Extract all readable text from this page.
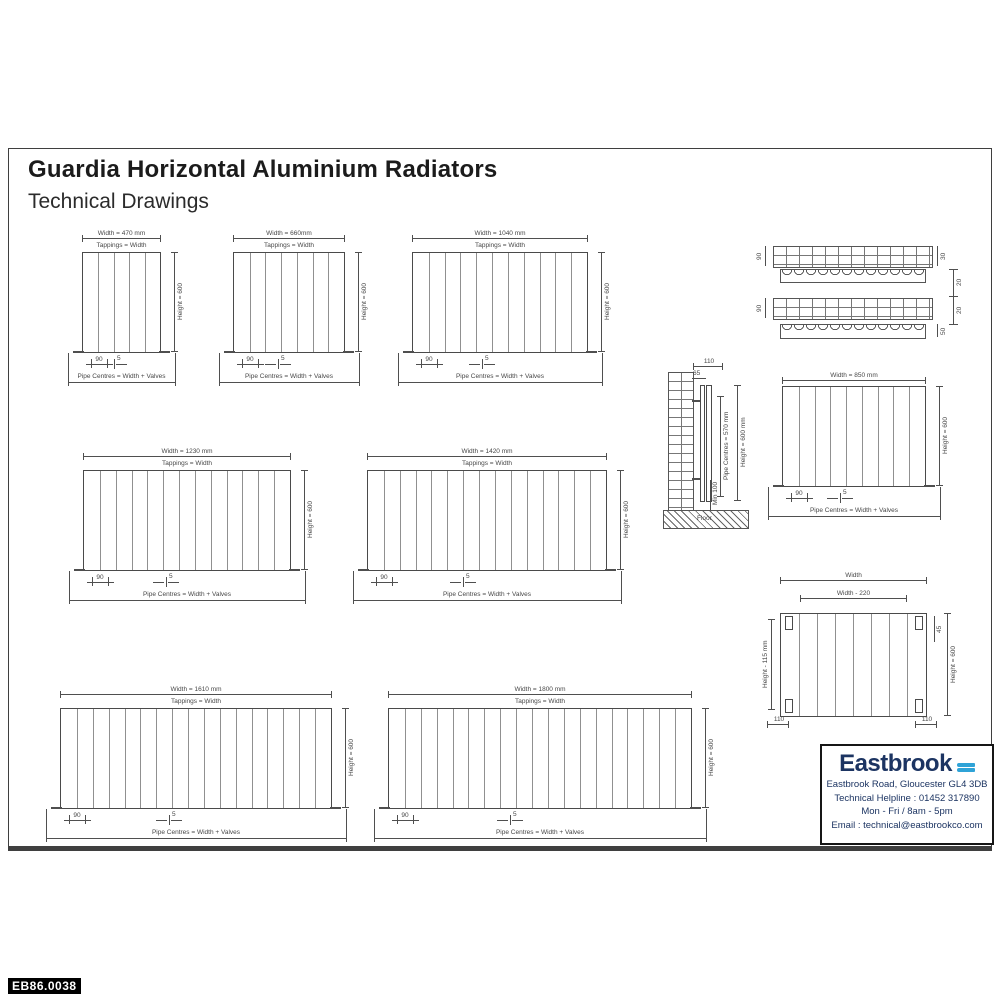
Guardia Horizontal Aluminium Radiators
Technical Drawings
Width = 470 mm
Tappings = Width
Height = 600
90	5
Pipe Centres = Width + Valves
Width = 660mm
Tappings = Width
Height = 600
90	5
Pipe Centres = Width + Valves
Width = 1040 mm
Tappings = Width
Height = 600
90	5
Pipe Centres = Width + Valves
Width = 1230 mm
Tappings = Width
Height = 600
90	5
Pipe Centres = Width + Valves
Width = 1420 mm
Tappings = Width
Height = 600
90	5
Pipe Centres = Width + Valves
Width = 850 mm
Height = 600
90	5
Pipe Centres = Width + Valves
Width = 1610 mm
Tappings = Width
Height = 600
90	5
Pipe Centres = Width + Valves
Width = 1800 mm
Tappings = Width
Height = 600
90	5
Pipe Centres = Width + Valves
90	30
20
20
90
50
Floor
110
65
Pipe Centres = 570 mm Height = 600 mm
Min 100
Width
Width - 220
Height - 115 mm
45
Height = 600
110	110
Eastbrook
Eastbrook Road, Gloucester GL4 3DB
Technical Helpline : 01452 317890
Mon - Fri / 8am - 5pm
Email : technical@eastbrookco.com
EB86.0038
